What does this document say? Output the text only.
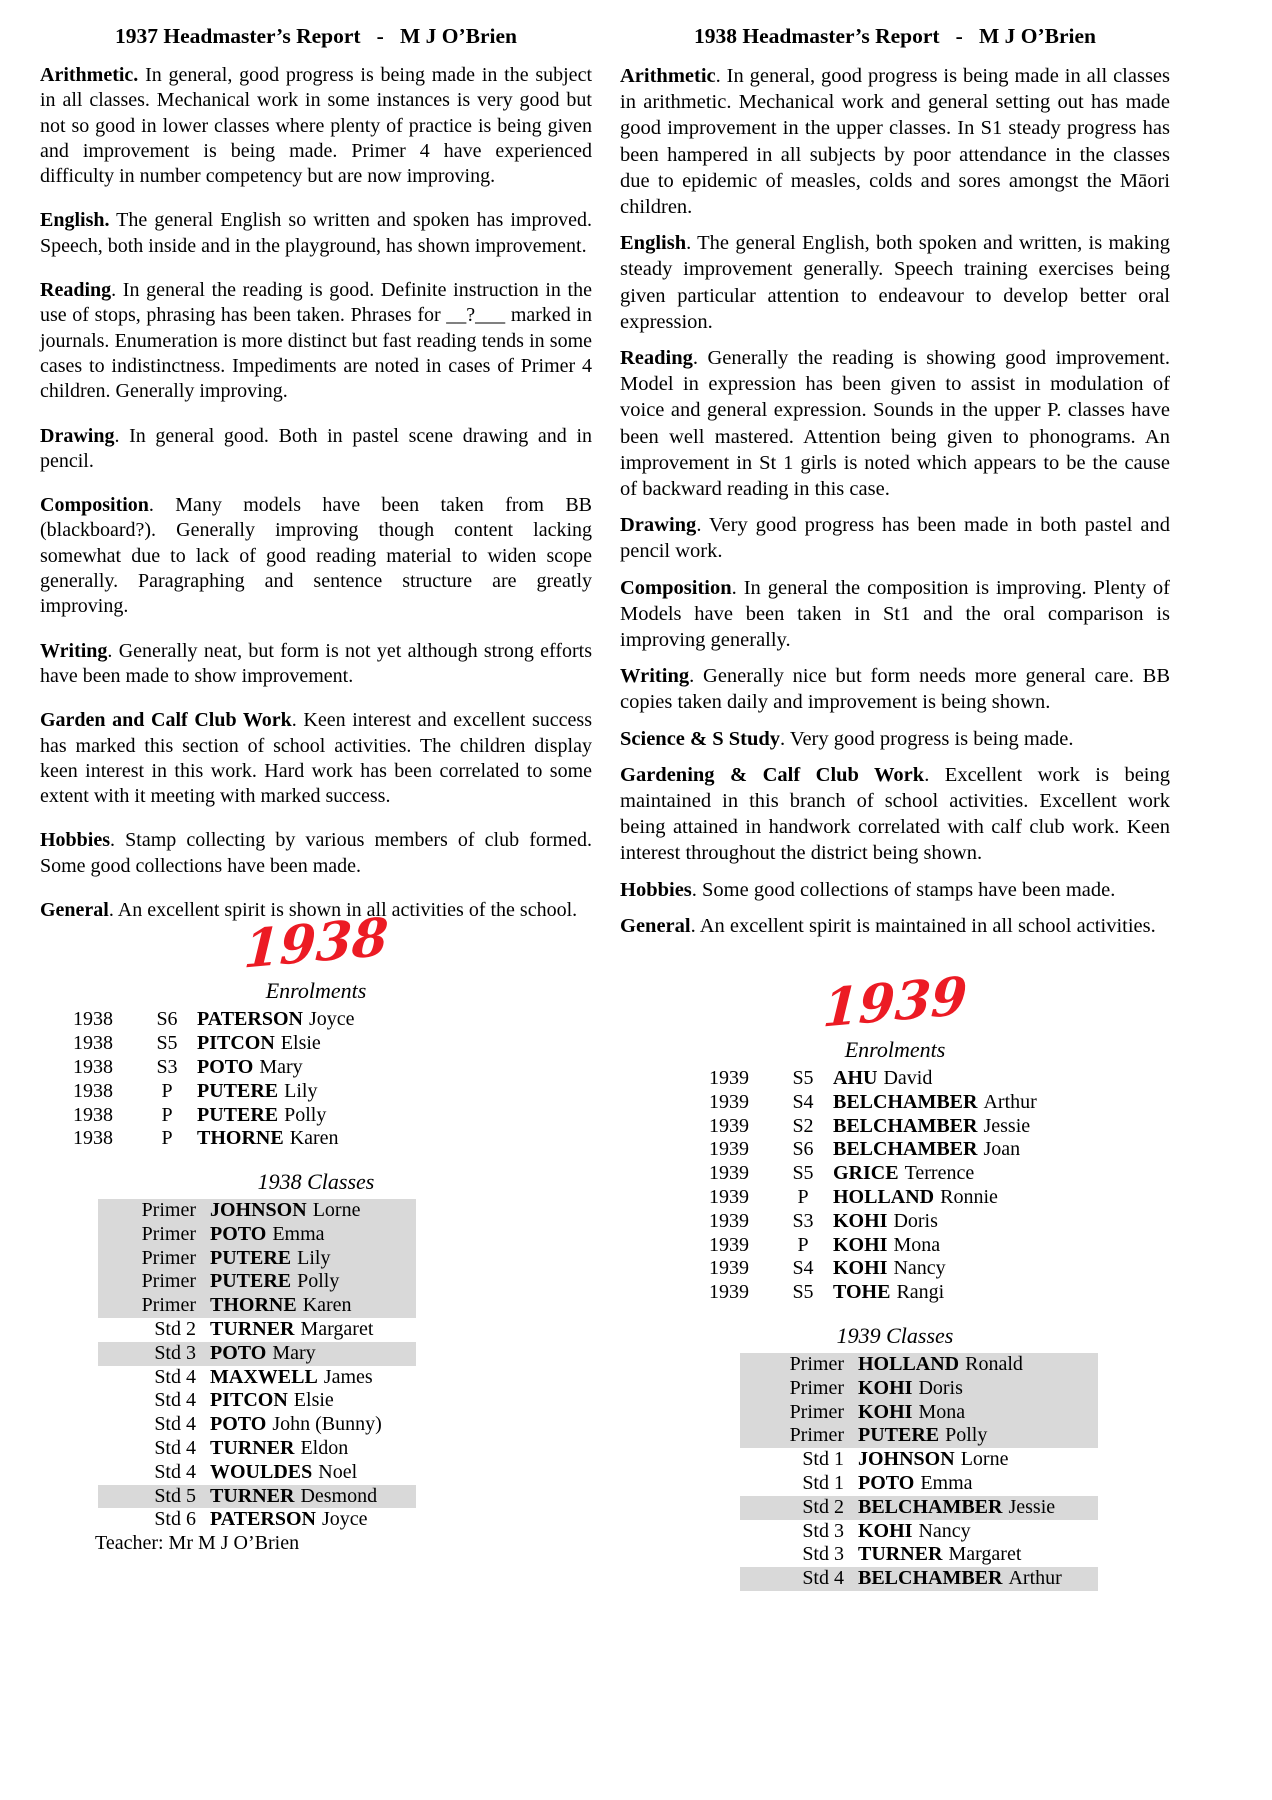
1937 Headmaster’s Report  -  M J O’Brien

Arithmetic. In general, good progress is being made in the subject in all classes. Mechanical work in some instances is very good but not so good in lower classes where plenty of practice is being given and improvement is being made. Primer 4 have experienced difficulty in number competency but are now improving.

English. The general English so written and spoken has improved. Speech, both inside and in the playground, has shown improvement.

Reading. In general the reading is good. Definite instruction in the use of stops, phrasing has been taken. Phrases for __?___ marked in journals. Enumeration is more distinct but fast reading tends in some cases to indistinctness. Impediments are noted in cases of Primer 4 children. Generally improving.

Drawing. In general good. Both in pastel scene drawing and in pencil.

Composition. Many models have been taken from BB (blackboard?). Generally improving though content lacking somewhat due to lack of good reading material to widen scope generally. Paragraphing and sentence structure are greatly improving.

Writing. Generally neat, but form is not yet although strong efforts have been made to show improvement.

Garden and Calf Club Work. Keen interest and excellent success has marked this section of school activities. The children display keen interest in this work. Hard work has been correlated to some extent with it meeting with marked success.

Hobbies. Stamp collecting by various members of club formed. Some good collections have been made.

General. An excellent spirit is shown in all activities of the school.

1938
Enrolments
1938	S6 PATERSON Joyce
1938	S5 PITCON Elsie
1938	S3 POTO Mary
1938	P	PUTERE Lily
1938	P	PUTERE Polly
1938	P	THORNE Karen
1938 Classes
Primer JOHNSON Lorne
Primer POTO Emma
Primer PUTERE Lily
Primer PUTERE Polly
Primer THORNE Karen
Std 2 TURNER Margaret
Std 3 POTO Mary
Std 4 MAXWELL James
Std 4 PITCON Elsie
Std 4 POTO John (Bunny)
Std 4 TURNER Eldon
Std 4 WOULDES Noel
Std 5 TURNER Desmond
Std 6 PATERSON Joyce
Teacher: Mr M J O’Brien
1938 Headmaster’s Report  -  M J O’Brien

Arithmetic. In general, good progress is being made in all classes in arithmetic. Mechanical work and general setting out has made good improvement in the upper classes. In S1 steady progress has been hampered in all subjects by poor attendance in the classes due to epidemic of measles, colds and sores amongst the Māori children.

English. The general English, both spoken and written, is making steady improvement generally. Speech training exercises being given particular attention to endeavour to develop better oral expression.

Reading. Generally the reading is showing good improvement. Model in expression has been given to assist in modulation of voice and general expression. Sounds in the upper P. classes have been well mastered. Attention being given to phonograms. An improvement in St 1 girls is noted which appears to be the cause of backward reading in this case.

Drawing. Very good progress has been made in both pastel and pencil work.

Composition. In general the composition is improving. Plenty of Models have been taken in St1 and the oral comparison is improving generally.

Writing. Generally nice but form needs more general care. BB copies taken daily and improvement is being shown.

Science & S Study. Very good progress is being made.

Gardening & Calf Club Work. Excellent work is being maintained in this branch of school activities. Excellent work being attained in handwork correlated with calf club work. Keen interest throughout the district being shown.

Hobbies. Some good collections of stamps have been made.

General. An excellent spirit is maintained in all school activities.

1939
Enrolments
1939	S5 AHU David
1939	S4 BELCHAMBER Arthur
1939	S2 BELCHAMBER Jessie
1939	S6 BELCHAMBER Joan
1939	S5 GRICE Terrence
1939	P	HOLLAND Ronnie
1939	S3 KOHI Doris
1939	P	KOHI Mona
1939	S4 KOHI Nancy
1939	S5 TOHE Rangi
1939 Classes
Primer HOLLAND Ronald
Primer KOHI Doris
Primer KOHI Mona
Primer PUTERE Polly
Std 1 JOHNSON Lorne
Std 1 POTO Emma
Std 2 BELCHAMBER Jessie
Std 3 KOHI Nancy
Std 3 TURNER Margaret
Std 4 BELCHAMBER Arthur
